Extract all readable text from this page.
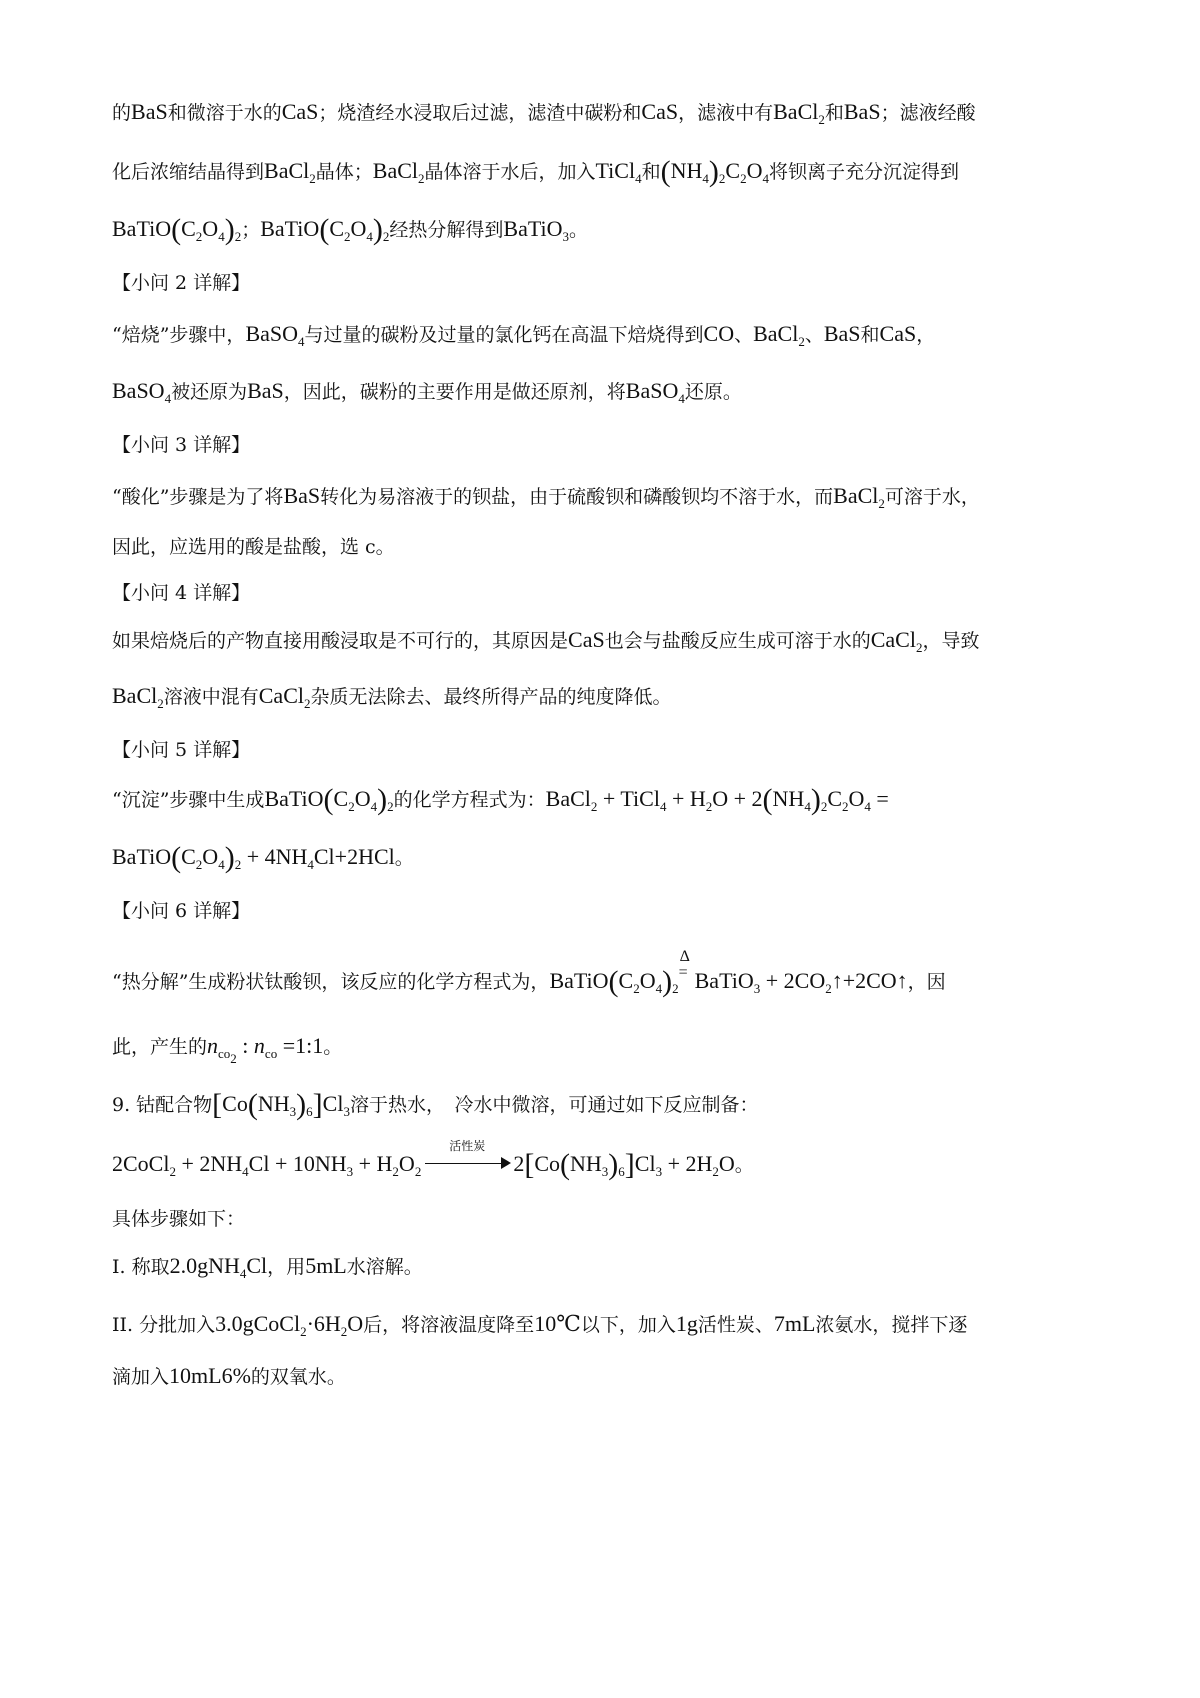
的BaS和微溶于水的CaS；烧渣经水浸取后过滤，滤渣中碳粉和CaS，滤液中有BaCl$_2$和BaS；滤液经酸
化后浓缩结晶得到BaCl$_2$晶体；BaCl$_2$晶体溶于水后，加入TiCl$_4$和$(NH_4)_2C_2O_4$将钡离子充分沉淀得到
$BaTiO(C_2O_4)_2$；$BaTiO(C_2O_4)_2$经热分解得到BaTiO$_3$。
【小问 2 详解】
“焙烧”步骤中，BaSO$_4$与过量的碳粉及过量的氯化钙在高温下焙烧得到CO、BaCl$_2$、BaS和CaS，
BaSO$_4$被还原为BaS，因此，碳粉的主要作用是做还原剂，将BaSO$_4$还原。
【小问 3 详解】
“酸化”步骤是为了将BaS转化为易溶液于的钡盐，由于硫酸钡和磷酸钡均不溶于水，而BaCl$_2$可溶于水，
因此，应选用的酸是盐酸，选 c。
【小问 4 详解】
如果焙烧后的产物直接用酸浸取是不可行的，其原因是CaS也会与盐酸反应生成可溶于水的CaCl$_2$，导致
BaCl$_2$溶液中混有CaCl$_2$杂质无法除去、最终所得产品的纯度降低。
【小问 5 详解】
“沉淀”步骤中生成$BaTiO(C_2O_4)_2$的化学方程式为：BaCl$_2$ + TiCl$_4$ + $H_2O + 2(NH_4)_2C_2O_4$ =
$BaTiO(C_2O_4)_2 + 4NH_4Cl+2HCl$。
【小问 6 详解】
“热分解”生成粉状钛酸钡，该反应的化学方程式为，$BaTiO(C_2O_4)_2$
Δ
= BaTiO$_3$ + $2CO_2↑+2CO↑$，因
此，产生的$n_{co_2}$ : $n_{co}$ =1:1。
9. 钴配合物$[Co(NH_3)_6]Cl_3$溶于热水，　冷水中微溶，可通过如下反应制备：
2CoCl$_2$ + $2NH_4Cl + 10NH_3 + H_2O_2$
活性炭
$2[Co(NH_3)_6]Cl_3 + 2H_2O$。
具体步骤如下：
I. 称取2.0gNH$_4$Cl，用5mL水溶解。
II. 分批加入$3.0gCoCl_2\cdot 6H_2O$后，将溶液温度降至10℃以下，加入1g活性炭、7mL浓氨水，搅拌下逐
滴加入10mL6%的双氧水。
